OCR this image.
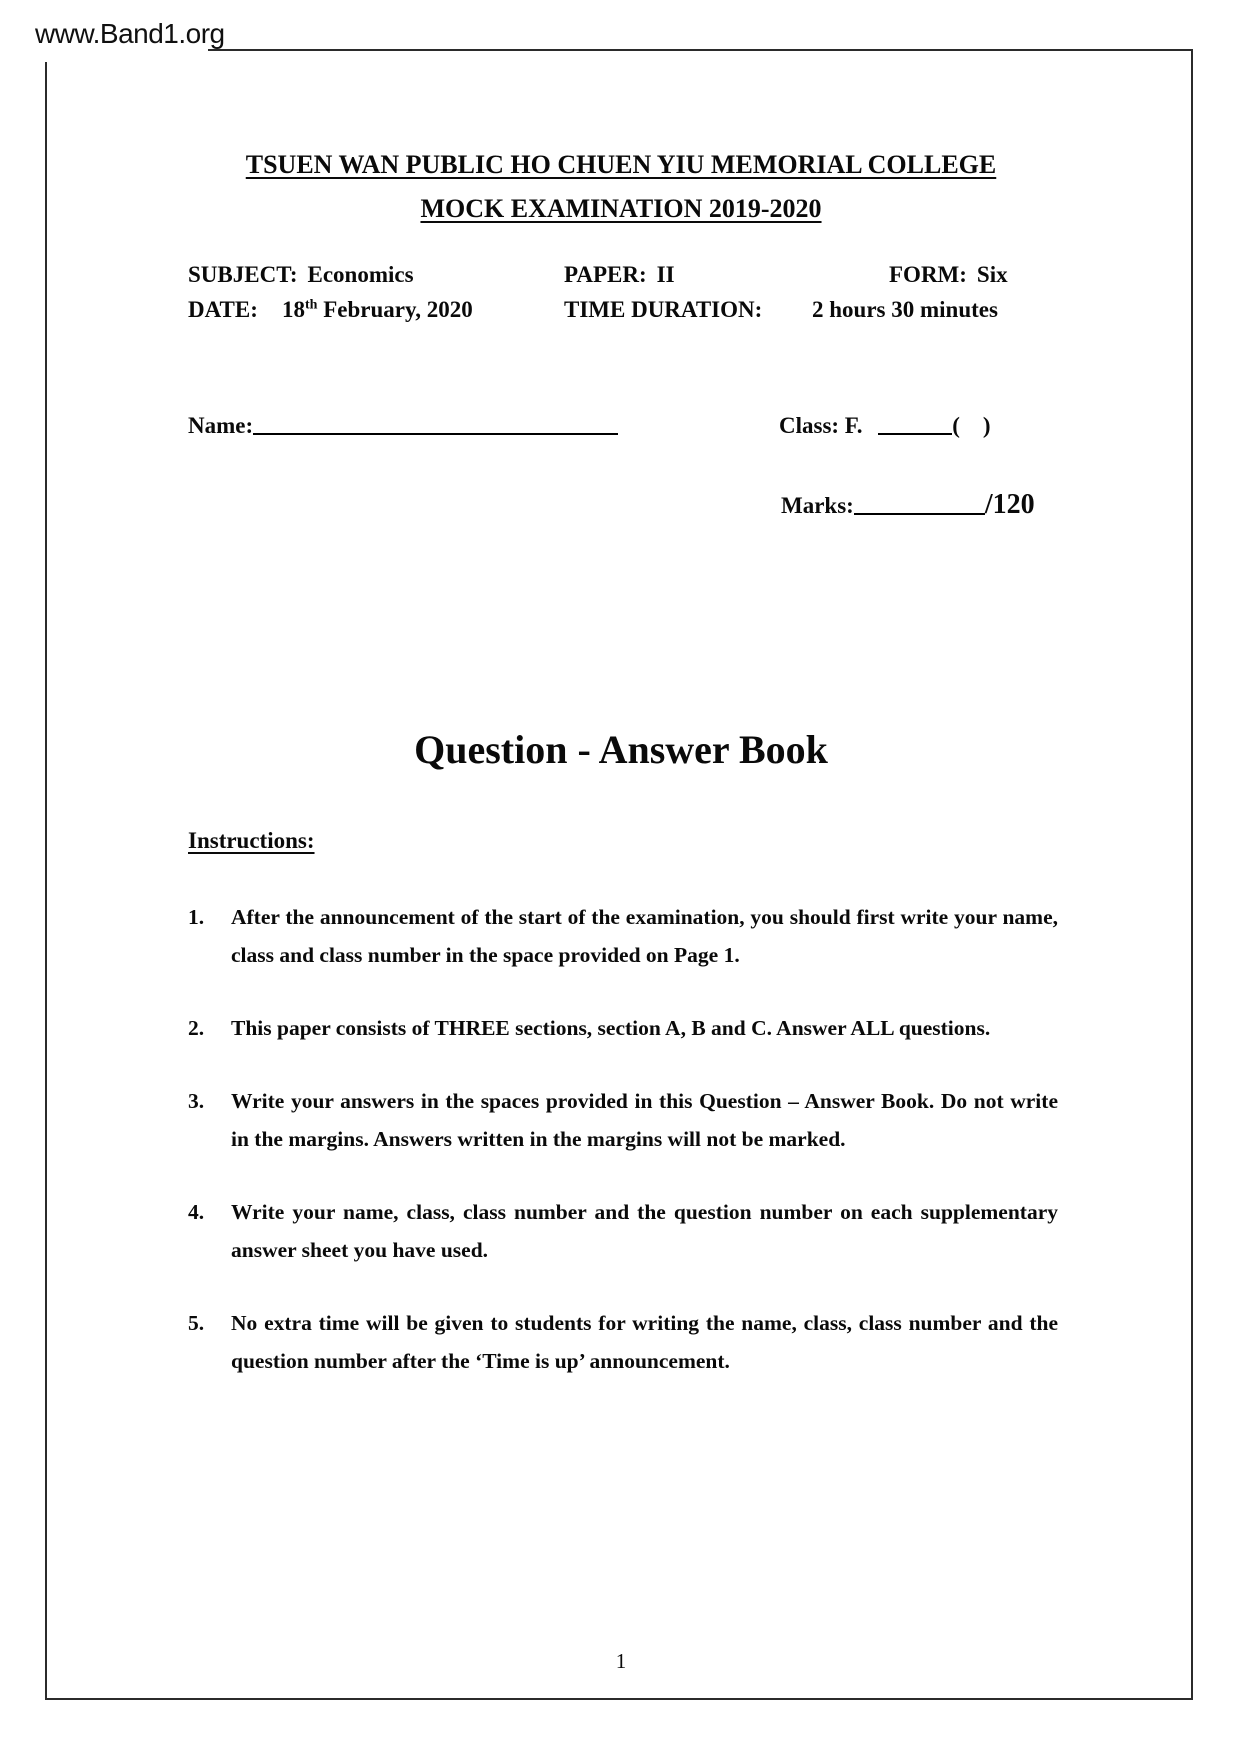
www.Band1.org
TSUEN WAN PUBLIC HO CHUEN YIU MEMORIAL COLLEGE
MOCK EXAMINATION 2019-2020
SUBJECT: Economics	PAPER: II	FORM: Six
DATE: 18th February, 2020	TIME DURATION: 2 hours 30 minutes
Name:	Class: F.	(    )
Marks:	/120
Question - Answer Book
Instructions:
1.	After the announcement of the start of the examination, you should first write your name, class and class number in the space provided on Page 1.
2.	This paper consists of THREE sections, section A, B and C. Answer ALL questions.
3.	Write your answers in the spaces provided in this Question – Answer Book. Do not write in the margins. Answers written in the margins will not be marked.
4.	Write your name, class, class number and the question number on each supplementary answer sheet you have used.
5.	No extra time will be given to students for writing the name, class, class number and the question number after the ‘Time is up’ announcement.
1
